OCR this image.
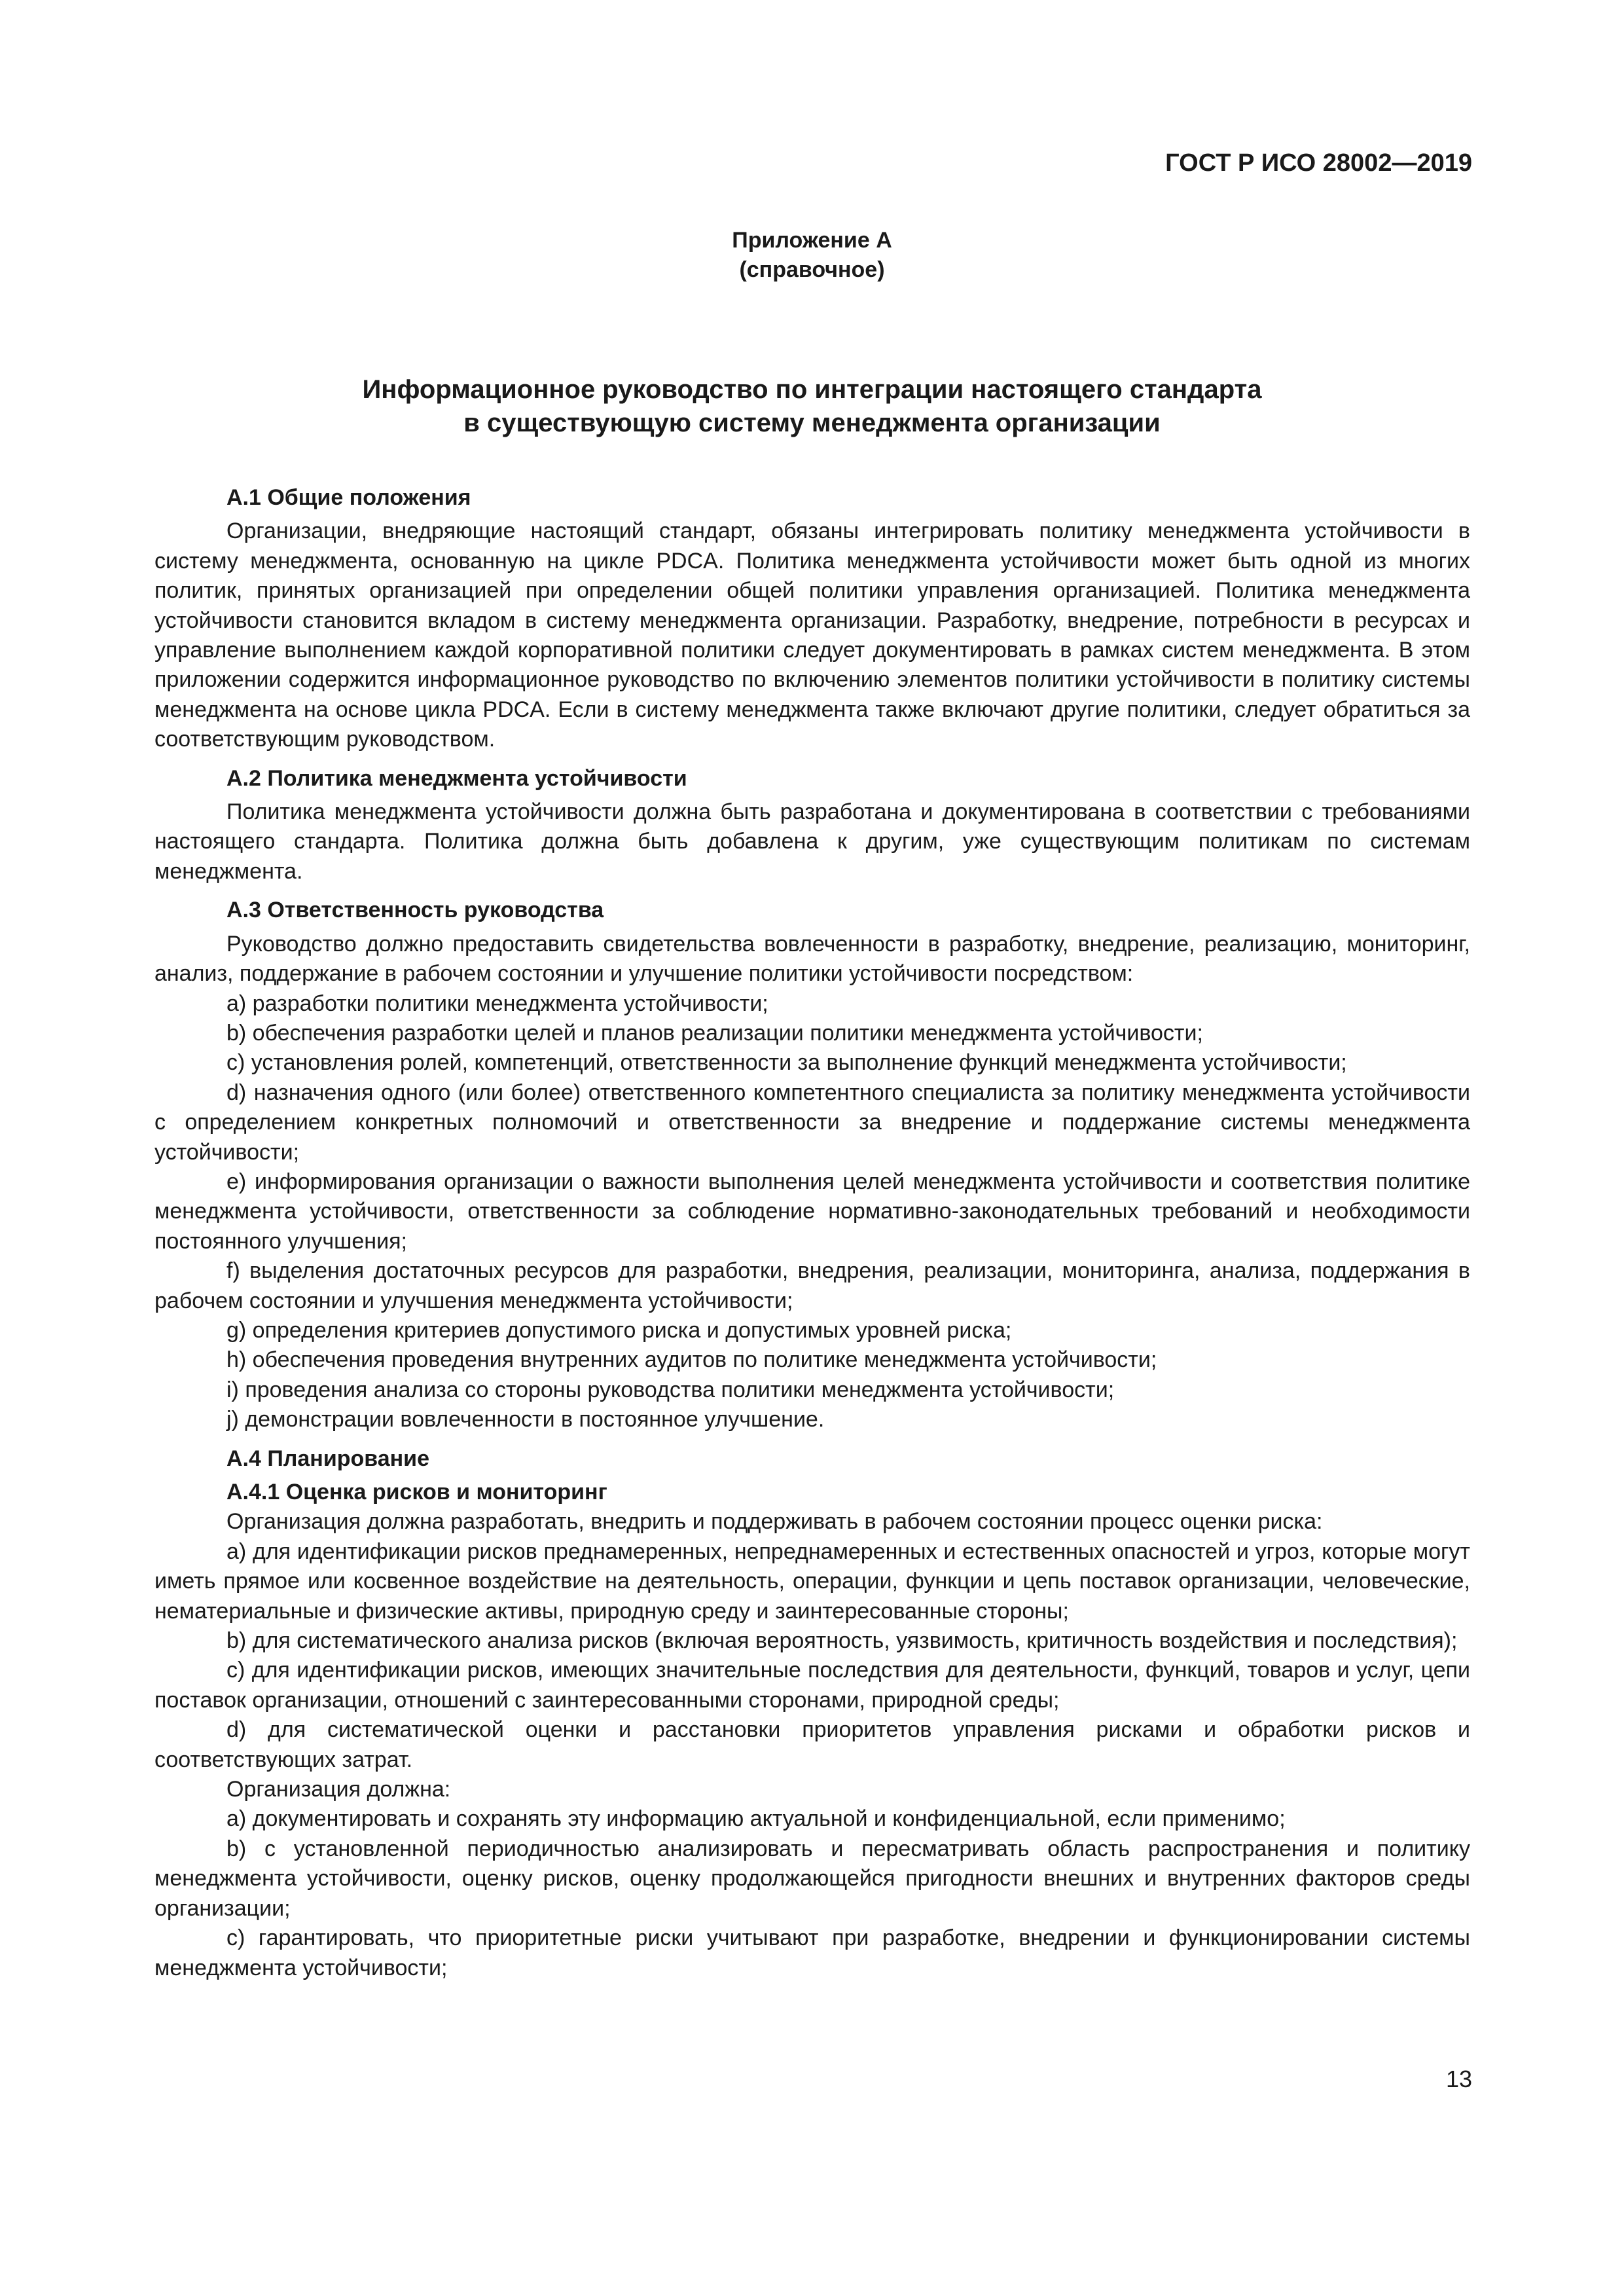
ГОСТ Р ИСО 28002—2019
Приложение А
(справочное)
Информационное руководство по интеграции настоящего стандарта
в существующую систему менеджмента организации

А.1 Общие положения

Организации, внедряющие настоящий стандарт, обязаны интегрировать политику менеджмента устойчивости в систему менеджмента, основанную на цикле PDCA. Политика менеджмента устойчивости может быть одной из многих политик, принятых организацией при определении общей политики управления организацией. Политика менеджмента устойчивости становится вкладом в систему менеджмента организации. Разработку, внедрение, потребности в ресурсах и управление выполнением каждой корпоративной политики следует документировать в рамках систем менеджмента. В этом приложении содержится информационное руководство по включению элементов политики устойчивости в политику системы менеджмента на основе цикла PDCA. Если в систему менеджмента также включают другие политики, следует обратиться за соответствующим руководством.

А.2 Политика менеджмента устойчивости

Политика менеджмента устойчивости должна быть разработана и документирована в соответствии с требованиями настоящего стандарта. Политика должна быть добавлена к другим, уже существующим политикам по системам менеджмента.

А.3 Ответственность руководства

Руководство должно предоставить свидетельства вовлеченности в разработку, внедрение, реализацию, мониторинг, анализ, поддержание в рабочем состоянии и улучшение политики устойчивости посредством:

a) разработки политики менеджмента устойчивости;

b) обеспечения разработки целей и планов реализации политики менеджмента устойчивости;

c) установления ролей, компетенций, ответственности за выполнение функций менеджмента устойчивости;

d) назначения одного (или более) ответственного компетентного специалиста за политику менеджмента устойчивости с определением конкретных полномочий и ответственности за внедрение и поддержание системы менеджмента устойчивости;

e) информирования организации о важности выполнения целей менеджмента устойчивости и соответствия политике менеджмента устойчивости, ответственности за соблюдение нормативно-законодательных требований и необходимости постоянного улучшения;

f) выделения достаточных ресурсов для разработки, внедрения, реализации, мониторинга, анализа, поддержания в рабочем состоянии и улучшения менеджмента устойчивости;

g) определения критериев допустимого риска и допустимых уровней риска;

h) обеспечения проведения внутренних аудитов по политике менеджмента устойчивости;

i) проведения анализа со стороны руководства политики менеджмента устойчивости;

j) демонстрации вовлеченности в постоянное улучшение.

А.4 Планирование

А.4.1 Оценка рисков и мониторинг

Организация должна разработать, внедрить и поддерживать в рабочем состоянии процесс оценки риска:

a) для идентификации рисков преднамеренных, непреднамеренных и естественных опасностей и угроз, которые могут иметь прямое или косвенное воздействие на деятельность, операции, функции и цепь поставок организации, человеческие, нематериальные и физические активы, природную среду и заинтересованные стороны;

b) для систематического анализа рисков (включая вероятность, уязвимость, критичность воздействия и последствия);

c) для идентификации рисков, имеющих значительные последствия для деятельности, функций, товаров и услуг, цепи поставок организации, отношений с заинтересованными сторонами, природной среды;

d) для систематической оценки и расстановки приоритетов управления рисками и обработки рисков и соответствующих затрат.

Организация должна:

a) документировать и сохранять эту информацию актуальной и конфиденциальной, если применимо;

b) с установленной периодичностью анализировать и пересматривать область распространения и политику менеджмента устойчивости, оценку рисков, оценку продолжающейся пригодности внешних и внутренних факторов среды организации;

c) гарантировать, что приоритетные риски учитывают при разработке, внедрении и функционировании системы менеджмента устойчивости;

13
